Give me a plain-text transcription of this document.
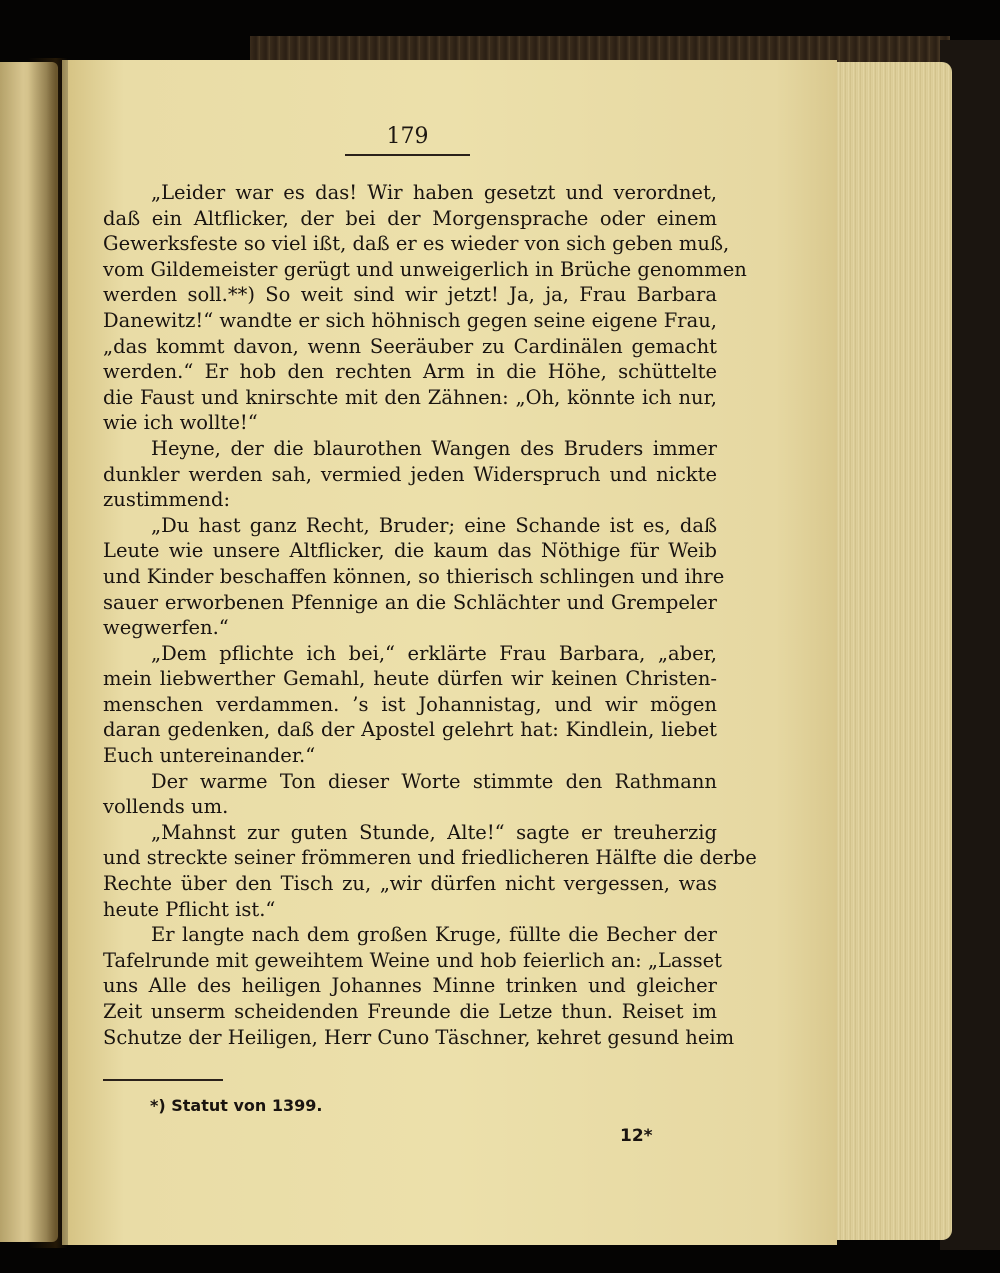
179
„Leider war es das! Wir haben gesetzt und verordnet,
daß ein Altflicker, der bei der Morgensprache oder einem
Gewerksfeste so viel ißt, daß er es wieder von sich geben muß,
vom Gildemeister gerügt und unweigerlich in Brüche genommen
werden soll.**) So weit sind wir jetzt! Ja, ja, Frau Barbara
Danewitz!“ wandte er sich höhnisch gegen seine eigene Frau,
„das kommt davon, wenn Seeräuber zu Cardinälen gemacht
werden.“ Er hob den rechten Arm in die Höhe, schüttelte
die Faust und knirschte mit den Zähnen: „Oh, könnte ich nur,
wie ich wollte!“
Heyne, der die blaurothen Wangen des Bruders immer
dunkler werden sah, vermied jeden Widerspruch und nickte
zustimmend:
„Du hast ganz Recht, Bruder; eine Schande ist es, daß
Leute wie unsere Altflicker, die kaum das Nöthige für Weib
und Kinder beschaffen können, so thierisch schlingen und ihre
sauer erworbenen Pfennige an die Schlächter und Grempeler
wegwerfen.“
„Dem pflichte ich bei,“ erklärte Frau Barbara, „aber,
mein liebwerther Gemahl, heute dürfen wir keinen Christen-
menschen verdammen. ’s ist Johannistag, und wir mögen
daran gedenken, daß der Apostel gelehrt hat: Kindlein, liebet
Euch untereinander.“
Der warme Ton dieser Worte stimmte den Rathmann
vollends um.
„Mahnst zur guten Stunde, Alte!“ sagte er treuherzig
und streckte seiner frömmeren und friedlicheren Hälfte die derbe
Rechte über den Tisch zu, „wir dürfen nicht vergessen, was
heute Pflicht ist.“
Er langte nach dem großen Kruge, füllte die Becher der
Tafelrunde mit geweihtem Weine und hob feierlich an: „Lasset
uns Alle des heiligen Johannes Minne trinken und gleicher
Zeit unserm scheidenden Freunde die Letze thun. Reiset im
Schutze der Heiligen, Herr Cuno Täschner, kehret gesund heim
*) Statut von 1399.
12*
